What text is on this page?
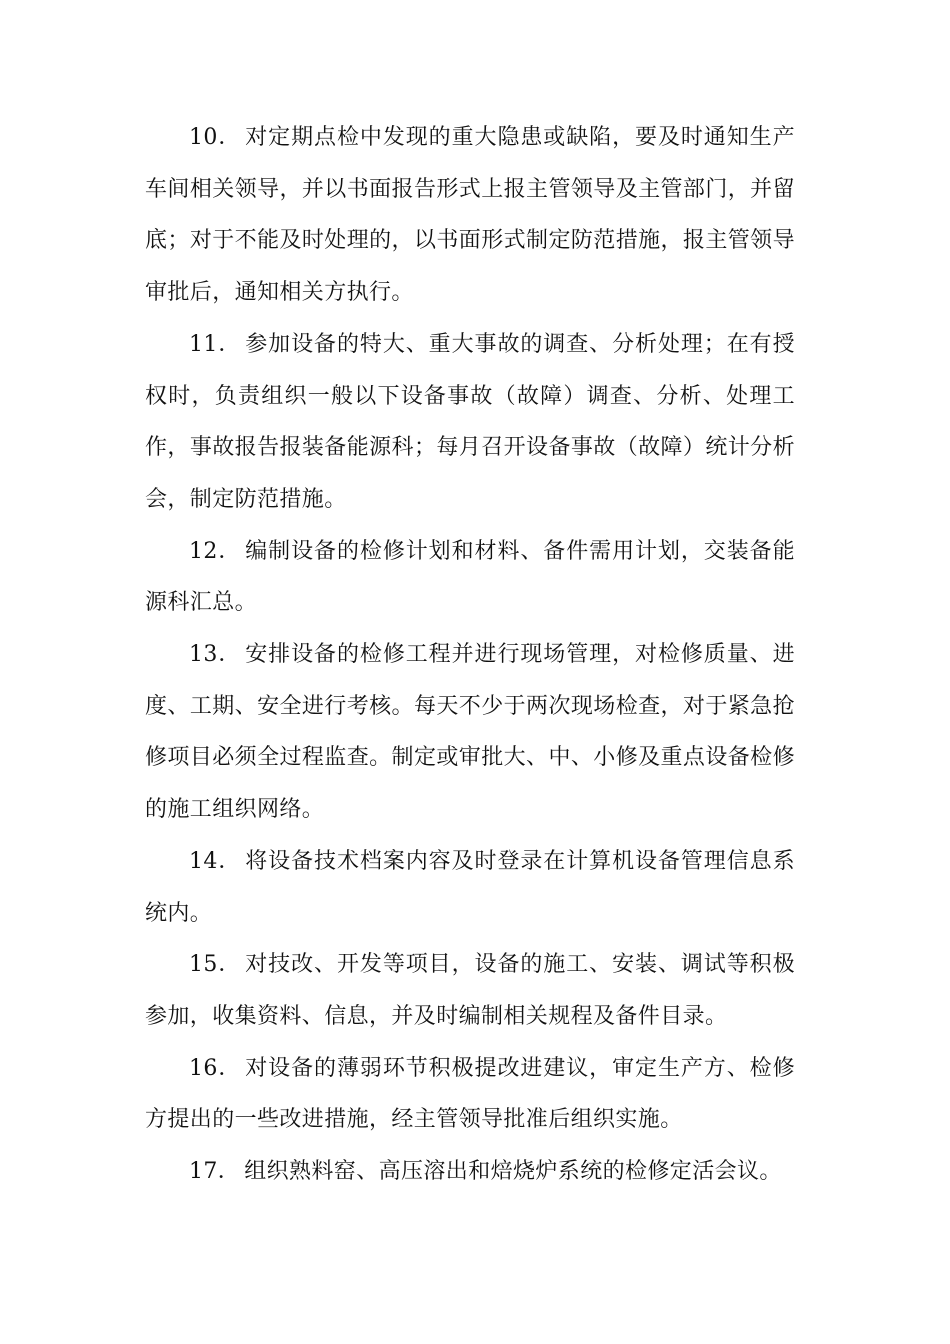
10． 对定期点检中发现的重大隐患或缺陷，要及时通知生产车间相关领导，并以书面报告形式上报主管领导及主管部门，并留底；对于不能及时处理的，以书面形式制定防范措施，报主管领导审批后，通知相关方执行。

11． 参加设备的特大、重大事故的调查、分析处理；在有授权时，负责组织一般以下设备事故（故障）调查、分析、处理工作，事故报告报装备能源科；每月召开设备事故（故障）统计分析会，制定防范措施。

12． 编制设备的检修计划和材料、备件需用计划，交装备能源科汇总。

13． 安排设备的检修工程并进行现场管理，对检修质量、进度、工期、安全进行考核。每天不少于两次现场检查，对于紧急抢修项目必须全过程监查。制定或审批大、中、小修及重点设备检修的施工组织网络。

14． 将设备技术档案内容及时登录在计算机设备管理信息系统内。

15． 对技改、开发等项目，设备的施工、安装、调试等积极参加，收集资料、信息，并及时编制相关规程及备件目录。

16． 对设备的薄弱环节积极提改进建议，审定生产方、检修方提出的一些改进措施，经主管领导批准后组织实施。

17． 组织熟料窑、高压溶出和焙烧炉系统的检修定活会议。
